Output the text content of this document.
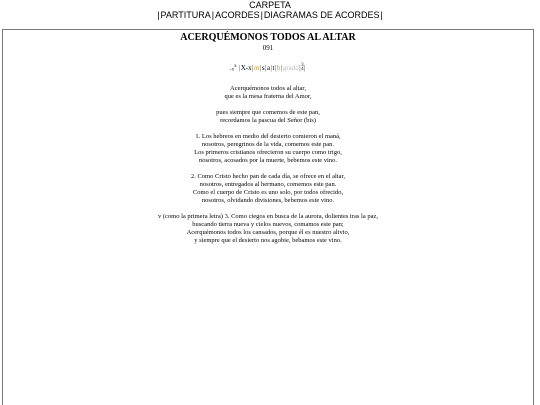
CARPETA
|PARTITURA|ACORDES|DIAGRAMAS DE ACORDES|
ACERQUÉMONOS TODOS AL ALTAR
091
$-x^x$ |X-x|m|s|a|t|b|grado| 3
4 |
Acerquémonos todos al altar,
que es la mesa fraterna del Amor,
pues siempre que comemos de este pan,
recordamos la pascua del Señor (bis)
1. Los hebreos en medio del desierto comieron el maná,
nosotros, peregrinos de la vida, comemos este pan.
Los primeros cristianos ofrecieron su cuerpo como trigo,
nosotros, acosados por la muerte, bebemos este vino.
2. Como Cristo hecho pan de cada día, se ofrece en el altar,
nosotros, entregados al hermano, comemos este pan.
Como el cuerpo de Cristo es uno solo, por todos ofrecido,
nosotros, olvidando divisiones, bebemos este vino.
v (como la primera letra) 3. Como ciegos en busca de la aurora, dolientes tras la paz,
buscando tierra nueva y cielos nuevos, comamos este pan;
Acerquémonos todos los cansados, porque él es nuestro alivio,
y siempre que el desierto nos agobie, bebamos este vino.
